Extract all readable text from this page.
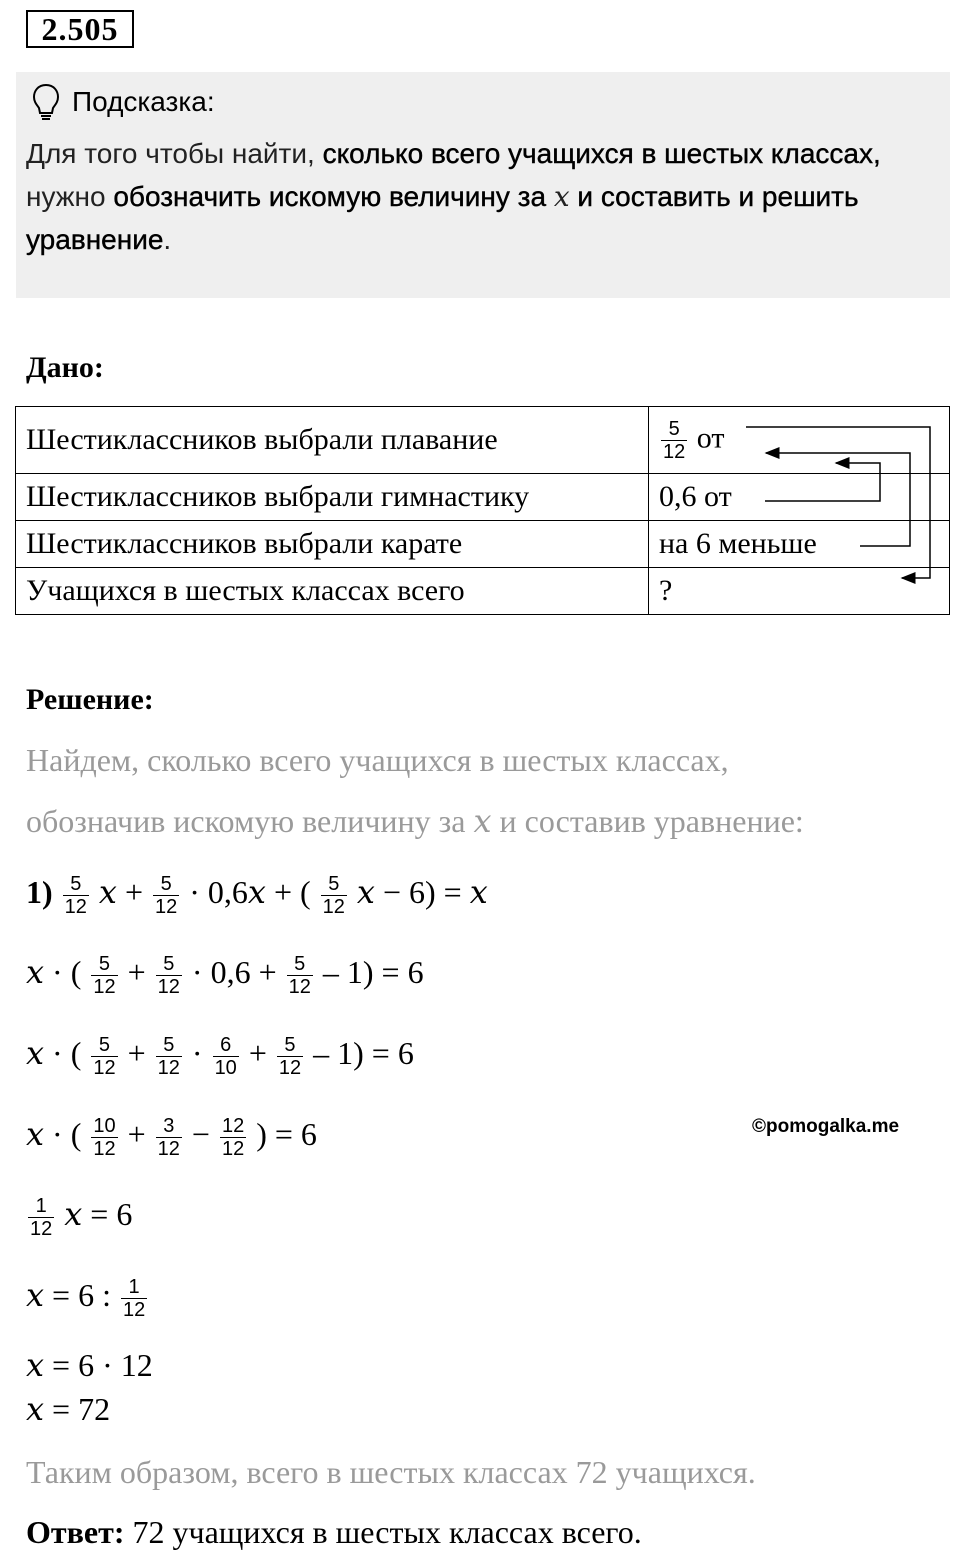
2.505
Подсказка:
Для того чтобы найти, сколько всего учащихся в шестых классах, нужно обозначить искомую величину за x и составить и решить уравнение.
Дано:
Шестиклассников выбрали плавание	$\frac{5}{12}$ от
Шестиклассников выбрали гимнастику	0,6 от
Шестиклассников выбрали карате	на 6 меньше
Учащихся в шестых классах всего	?
Решение:
Найдем, сколько всего учащихся в шестых классах,
обозначив искомую величину за x и составив уравнение:
$1) \frac{5}{12}$ $x + \frac{5}{12} \cdot 0,6x$ + ( $\frac{5}{12}$ x − 6) = x
x · ( $\frac{5}{12} + \frac{5}{12} \cdot 0,6 + \frac{5}{12} - 1) = 6$
x · ( $\frac{5}{12} + \frac{5}{12} \cdot \frac{6}{10} + \frac{5}{12} - 1) = 6$
x · ( $\frac{10}{12} + \frac{3}{12} - \frac{12}{12}$ ) = 6	©pomogalka.me
$\frac{1}{12}$ x = 6
x = 6 : $\frac{1}{12}$
x = 6 · 12
x = 72
Таким образом, всего в шестых классах 72 учащихся.
Ответ: 72 учащихся в шестых классах всего.
